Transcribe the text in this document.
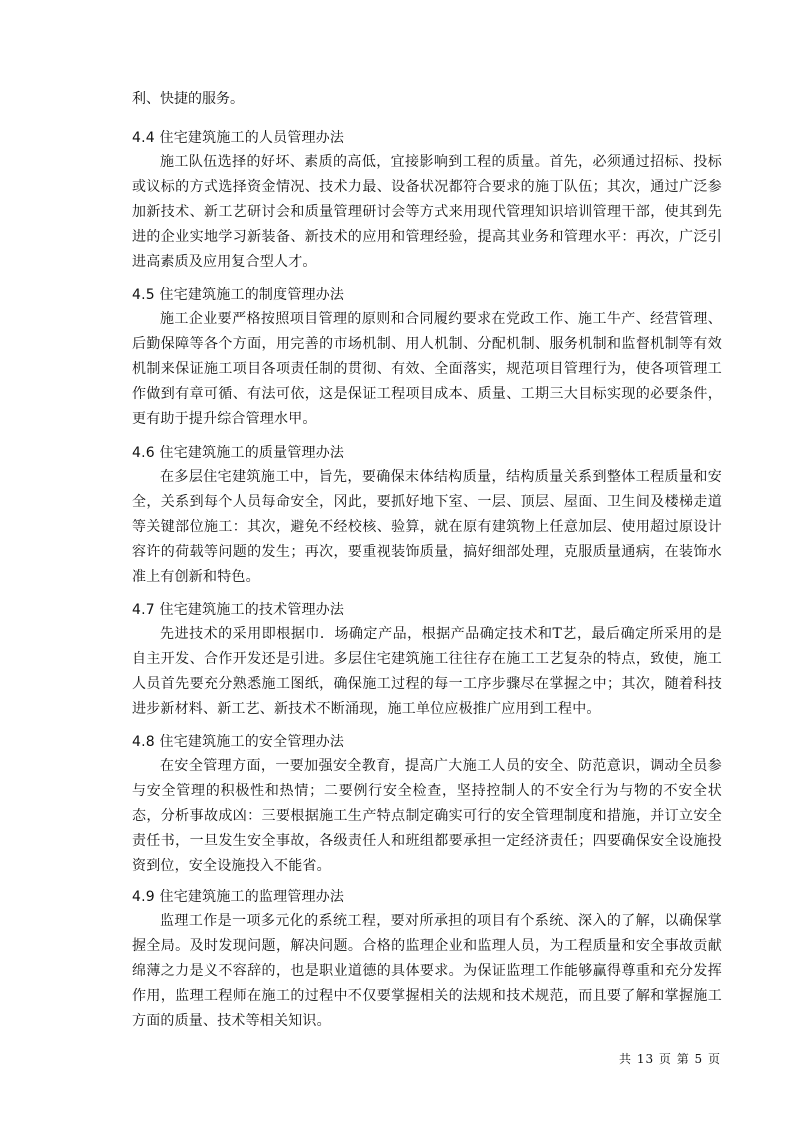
利、快捷的服务。
4.4 住宅建筑施工的人员管理办法

施工队伍选择的好坏、素质的高低，宜接影响到工程的质量。首先，必须通过招标、投标或议标的方式选择资金情况、技术力最、设备状况都符合要求的施丁队伍；其次，通过广泛参加新技术、新工艺研讨会和质量管理研讨会等方式来用现代管理知识培训管理干部，使其到先进的企业实地学习新装备、新技术的应用和管理经验，提高其业务和管理水平：再次，广泛引进高素质及应用复合型人才。

4.5 住宅建筑施工的制度管理办法

施工企业要严格按照项目管理的原则和合同履约要求在党政工作、施工牛产、经营管理、后勤保障等各个方面，用完善的市场机制、用人机制、分配机制、服务机制和监督机制等有效机制来保证施工项目各项责任制的贯彻、有效、全面落实，规范项目管理行为，使各项管理工作做到有章可循、有法可依，这是保证工程项目成本、质量、工期三大目标实现的必要条件，更有助于提升综合管理水甲。

4.6 住宅建筑施工的质量管理办法

在多层住宅建筑施工中，旨先，要确保末体结构质量，结构质量关系到整体工程质量和安全，关系到每个人员每命安全，冈此，要抓好地下室、一层、顶层、屋面、卫生间及楼梯走道等关键部位施工：其次，避免不经校核、验算，就在原有建筑物上任意加层、使用超过原设计容许的荷载等问题的发生；再次，要重视装饰质量，搞好细部处理，克服质量通病，在装饰水准上有创新和特色。

4.7 住宅建筑施工的技术管理办法

先进技术的采用即根据巾．场确定产品，根据产品确定技术和T艺，最后确定所采用的是自主开发、合作开发还是引进。多层住宅建筑施工往往存在施工工艺复杂的特点，致使，施工人员首先要充分熟悉施工图纸，确保施工过程的每一工序步骤尽在掌握之中；其次，随着科技进步新材料、新工艺、新技术不断涌现，施工单位应极推广应用到工程中。

4.8 住宅建筑施工的安全管理办法

在安全管理方面，一要加强安全教育，提高广大施工人员的安全、防范意识，调动全员参与安全管理的积极性和热情；二要例行安全检查，坚持控制人的不安全行为与物的不安全状态，分析事故成凶：三要根据施工生产特点制定确实可行的安全管理制度和措施，并订立安全责任书，一旦发生安全事故，各级责任人和班组都要承担一定经济责任；四要确保安全设施投资到位，安全设施投入不能省。

4.9 住宅建筑施工的监理管理办法

监理工作是一项多元化的系统工程，要对所承担的项目有个系统、深入的了解，以确保掌握全局。及时发现问题，解决问题。合格的监理企业和监理人员，为工程质量和安全事故贡献绵薄之力是义不容辞的，也是职业道德的具体要求。为保证监理工作能够赢得尊重和充分发挥作用，监理工程师在施工的过程中不仅要掌握相关的法规和技术规范，而且要了解和掌握施工方面的质量、技术等相关知识。

共 13 页 第 5 页
